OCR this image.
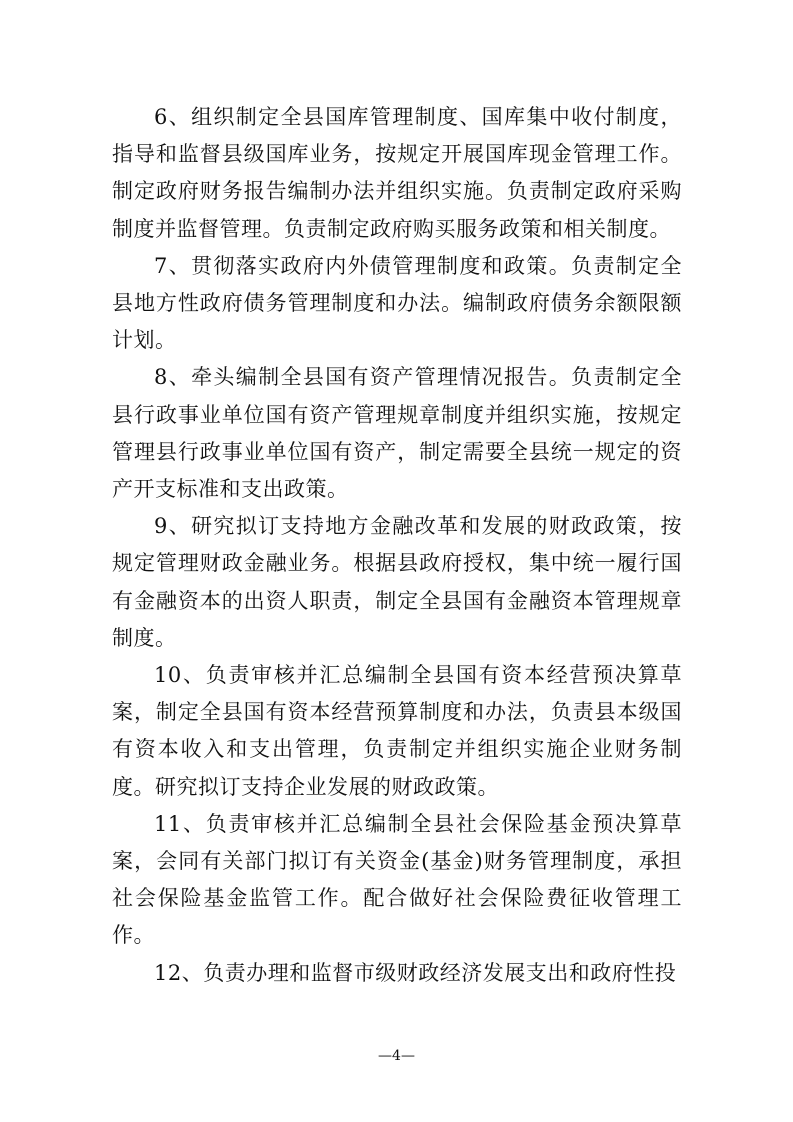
6、组织制定全县国库管理制度、国库集中收付制度，指导和监督县级国库业务，按规定开展国库现金管理工作。制定政府财务报告编制办法并组织实施。负责制定政府采购制度并监督管理。负责制定政府购买服务政策和相关制度。

7、贯彻落实政府内外债管理制度和政策。负责制定全县地方性政府债务管理制度和办法。编制政府债务余额限额计划。

8、牵头编制全县国有资产管理情况报告。负责制定全县行政事业单位国有资产管理规章制度并组织实施，按规定管理县行政事业单位国有资产，制定需要全县统一规定的资产开支标准和支出政策。

9、研究拟订支持地方金融改革和发展的财政政策，按规定管理财政金融业务。根据县政府授权，集中统一履行国有金融资本的出资人职责，制定全县国有金融资本管理规章制度。

10、负责审核并汇总编制全县国有资本经营预决算草案，制定全县国有资本经营预算制度和办法，负责县本级国有资本收入和支出管理，负责制定并组织实施企业财务制度。研究拟订支持企业发展的财政政策。

11、负责审核并汇总编制全县社会保险基金预决算草案，会同有关部门拟订有关资金(基金)财务管理制度，承担社会保险基金监管工作。配合做好社会保险费征收管理工作。

12、负责办理和监督市级财政经济发展支出和政府性投

—4—
